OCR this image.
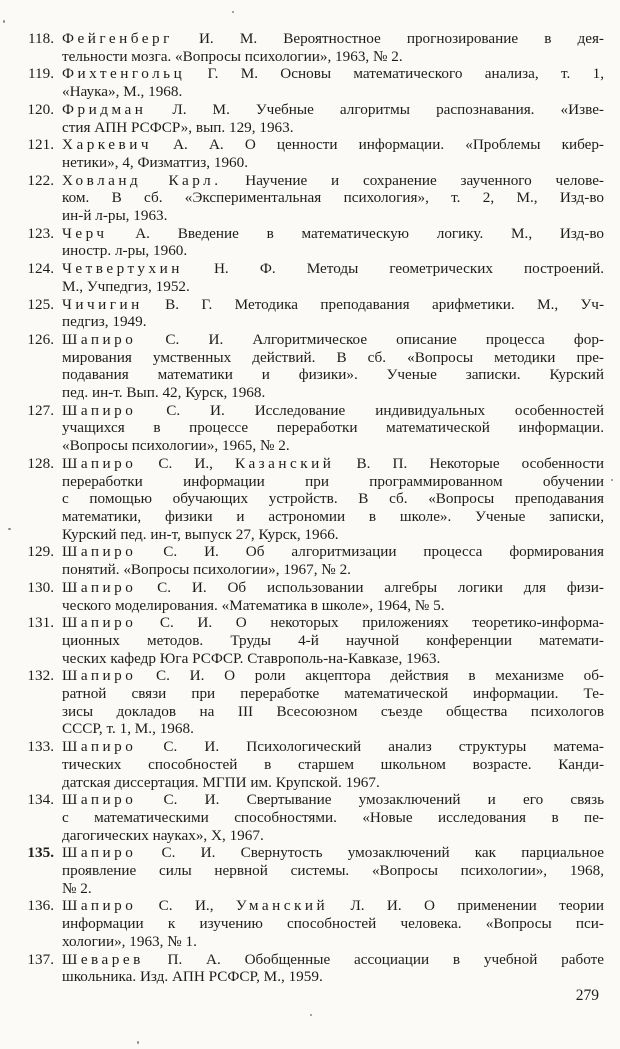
118. Фейгенберг И. М. Вероятностное прогнозирование в дея-
тельности мозга. «Вопросы психологии», 1963, № 2.
119. Фихтенгольц Г. М. Основы математического анализа, т. 1,
«Наука», М., 1968.
120. Фридман Л. М. Учебные алгоритмы распознавания. «Изве-
стия АПН РСФСР», вып. 129, 1963.
121. Харкевич А. А. О ценности информации. «Проблемы кибер-
нетики», 4, Физматгиз, 1960.
122. Ховланд Карл. Научение и сохранение заученного челове-
ком. В сб. «Экспериментальная психология», т. 2, М., Изд-во
ин-й л-ры, 1963.
123. Черч А. Введение в математическую логику. М., Изд-во
иностр. л-ры, 1960.
124. Четвертухин Н. Ф. Методы геометрических построений.
М., Учпедгиз, 1952.
125. Чичигин В. Г. Методика преподавания арифметики. М., Уч-
педгиз, 1949.
126. Шапиро С. И. Алгоритмическое описание процесса фор-
мирования умственных действий. В сб. «Вопросы методики пре-
подавания математики и физики». Ученые записки. Курский
пед. ин-т. Вып. 42, Курск, 1968.
127. Шапиро С. И. Исследование индивидуальных особенностей
учащихся в процессе переработки математической информации.
«Вопросы психологии», 1965, № 2.
128. Шапиро С. И., Казанский В. П. Некоторые особенности
переработки информации при программированном обучении
с помощью обучающих устройств. В сб. «Вопросы преподавания
математики, физики и астрономии в школе». Ученые записки,
Курский пед. ин-т, выпуск 27, Курск, 1966.
129. Шапиро С. И. Об алгоритмизации процесса формирования
понятий. «Вопросы психологии», 1967, № 2.
130. Шапиро С. И. Об использовании алгебры логики для физи-
ческого моделирования. «Математика в школе», 1964, № 5.
131. Шапиро С. И. О некоторых приложениях теоретико-информа-
ционных методов. Труды 4-й научной конференции математи-
ческих кафедр Юга РСФСР. Ставрополь-на-Кавказе, 1963.
132. Шапиро С. И. О роли акцептора действия в механизме об-
ратной связи при переработке математической информации. Те-
зисы докладов на III Всесоюзном съезде общества психологов
СССР, т. 1, М., 1968.
133. Шапиро С. И. Психологический анализ структуры матема-
тических способностей в старшем школьном возрасте. Канди-
датская диссертация. МГПИ им. Крупской. 1967.
134. Шапиро С. И. Свертывание умозаключений и его связь
с математическими способностями. «Новые исследования в пе-
дагогических науках», X, 1967.
135. Шапиро С. И. Свернутость умозаключений как парциальное
проявление силы нервной системы. «Вопросы психологии», 1968,
№ 2.
136. Шапиро С. И., Уманский Л. И. О применении теории
информации к изучению способностей человека. «Вопросы пси-
хологии», 1963, № 1.
137. Шеварев П. А. Обобщенные ассоциации в учебной работе
школьника. Изд. АПН РСФСР, М., 1959.
279
